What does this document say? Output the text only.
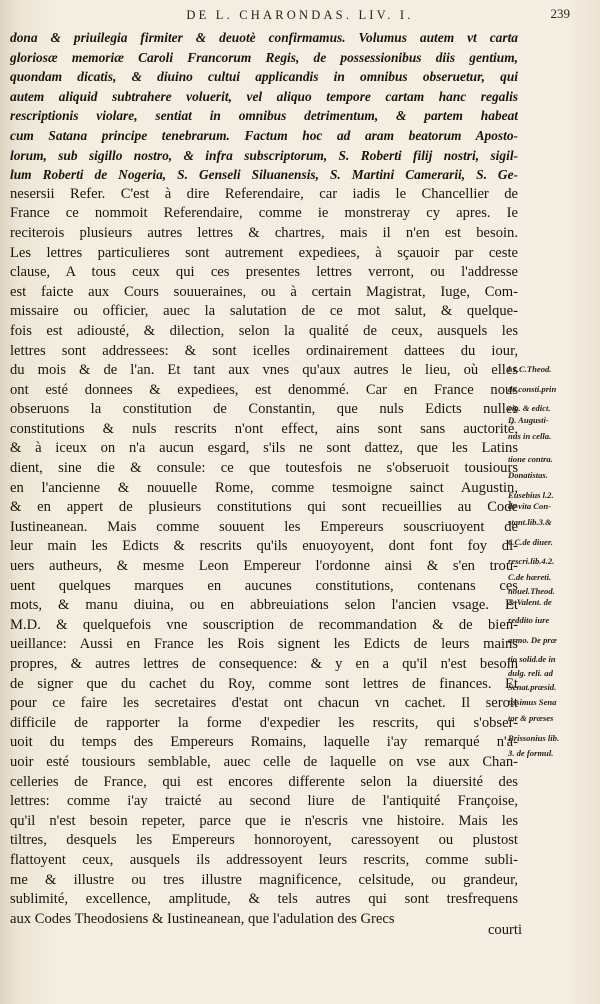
DE L. CHARONDAS. LIV. I.	239
dona & priuilegia firmiter & deuotè confirmamus. Volumus autem vt carta
gloriosæ memoriæ Caroli Francorum Regis, de possessionibus diis gentium,
quondam dicatis, & diuino cultui applicandis in omnibus obseruetur, qui
autem aliquid subtrahere voluerit, vel aliquo tempore cartam hanc regalis
rescriptionis violare, sentiat in omnibus detrimentum, & partem habeat
cum Satana principe tenebrarum. Factum hoc ad aram beatorum Aposto-
lorum, sub sigillo nostro, & infra subscriptorum, S. Roberti filij nostri, sigil-
lum Roberti de Nogeria, S. Genseli Siluanensis, S. Martini Camerarii, S. Ge-
nesersii Refer. C'est à dire Referendaire, car iadis le Chancellier de
France ce nommoit Referendaire, comme ie monstreray cy apres. Ie
reciterois plusieurs autres lettres & chartres, mais il n'en est besoin.
Les lettres particulieres sont autrement expediees, à sçauoir par ceste
clause, A tous ceux qui ces presentes lettres verront, ou l'addresse
est faicte aux Cours souueraines, ou à certain Magistrat, Iuge, Com-
missaire ou officier, auec la salutation de ce mot salut, & quelque-
fois est adiousté, & dilection, selon la qualité de ceux, ausquels les
lettres sont addressees: & sont icelles ordinairement dattees du iour,
du mois & de l'an. Et tant aux vnes qu'aux autres le lieu, où elles
ont esté donnees & expediees, est denommé. Car en France nous
obseruons la constitution de Constantin, que nuls Edicts nulles
constitutions & nuls rescrits n'ont effect, ains sont sans auctorité,
& à iceux on n'a aucun esgard, s'ils ne sont dattez, que les Latins
dient, sine die & consule: ce que toutesfois ne s'obseruoit tousiours
en l'ancienne & nouuelle Rome, comme tesmoigne sainct Augustin,
& en appert de plusieurs constitutions qui sont recueillies au Code
Iustineanean. Mais comme souuent les Empereurs souscriuoyent de
leur main les Edicts & rescrits qu'ils enuoyoyent, dont font foy di-
uers autheurs, & mesme Leon Empereur l'ordonne ainsi & s'en trou-
uent quelques marques en aucunes constitutions, contenans ces
mots, & manu diuina, ou en abbreuiations selon l'ancien vsage. Et
M.D. & quelquefois vne souscription de recommandation & de bien-
ueillance: Aussi en France les Rois signent les Edicts de leurs mains
propres, & autres lettres de consequence: & y en a qu'il n'est besoin
de signer que du cachet du Roy, comme sont lettres de finances. Et
pour ce faire les secretaires d'estat ont chacun vn cachet. Il seroit
difficile de rapporter la forme d'expedier les rescrits, qui s'obser-
uoit du temps des Empereurs Romains, laquelle i'ay remarqué n'a-
uoir esté tousiours semblable, auec celle de laquelle on vse aux Chan-
celleries de France, qui est encores differente selon la diuersité des
lettres: comme i'ay traicté au second liure de l'antiquité Françoise,
qu'il n'est besoin repeter, parce que ie n'escris vne histoire. Mais les
tiltres, desquels les Empereurs honnoroyent, caressoyent ou plustost
flattoyent ceux, ausquels ils addressoyent leurs rescrits, comme subli-
me & illustre ou tres illustre magnificence, celsitude, ou grandeur,
sublimité, excellence, amplitude, & tels autres qui sont tresfrequens
aux Codes Theodosiens & Iustineanean, que l'adulation des Grecs
l.1.C.Theod.
de consti.prin
cip. & edict.
D. Augusti-
nus in cella.
tione contra.
Donatistas.
Eusebius l.2.
de vita Con-
stant.lib.3.&
6.C.de diuer.
rescri.lib.4.2.
C.de hæreti.
nouel.Theod.
& Valent. de
reddito iure
armo. De præ
tio solid.de in
dulg. reli. ad
Senat.præsid.
tissimus Sena
tor & præses
Brissonius lib.
3. de formul.
courti
